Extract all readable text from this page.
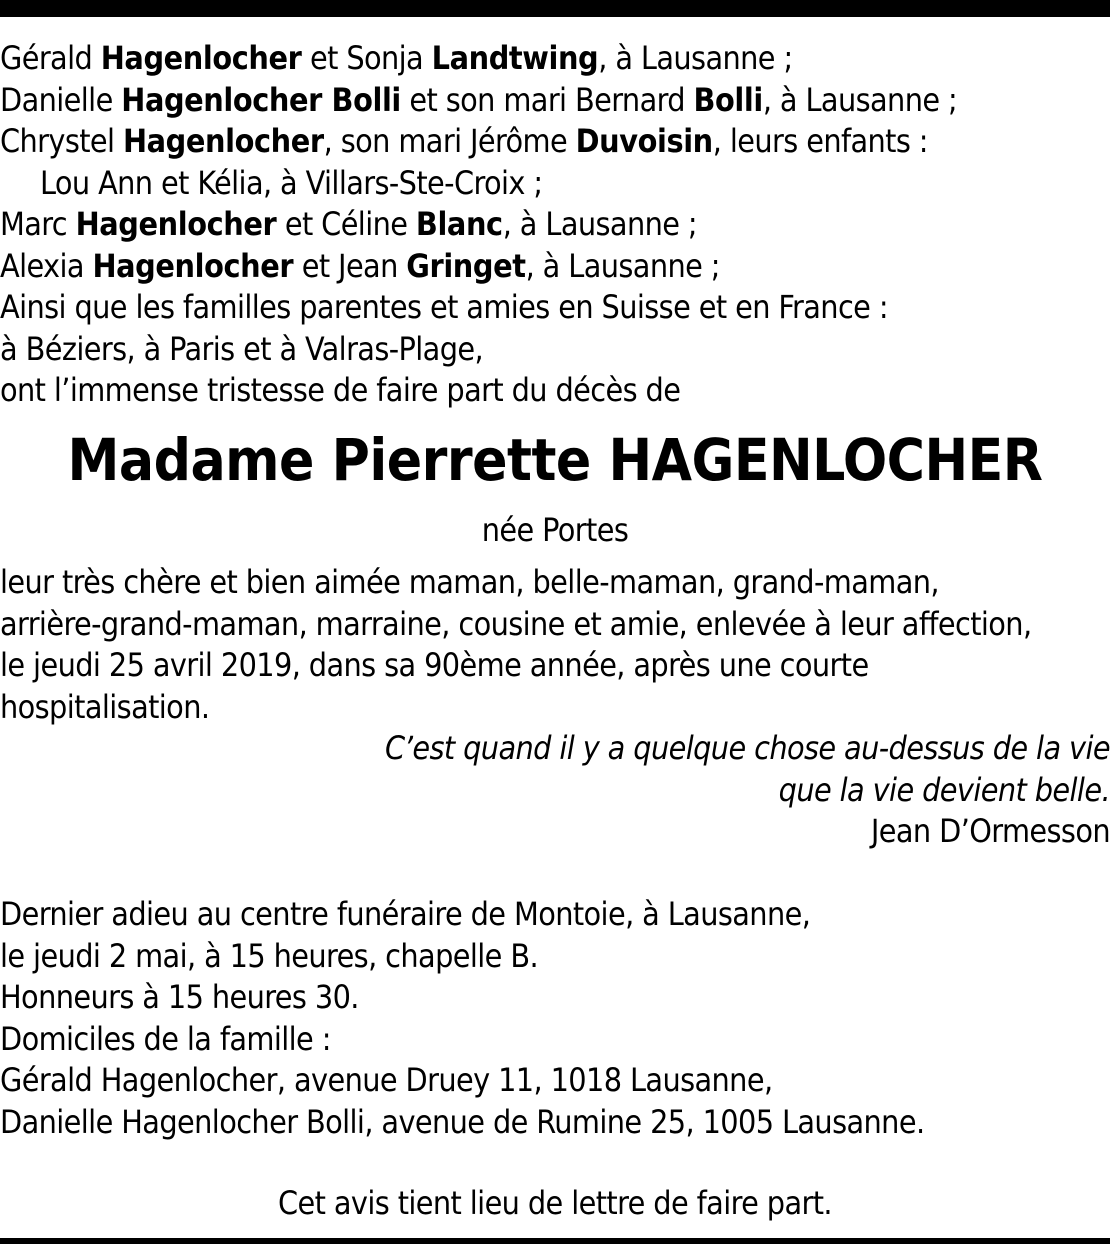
Gérald Hagenlocher et Sonja Landtwing, à Lausanne ;
Danielle Hagenlocher Bolli et son mari Bernard Bolli, à Lausanne ;
Chrystel Hagenlocher, son mari Jérôme Duvoisin, leurs enfants :
Lou Ann et Kélia, à Villars-Ste-Croix ;
Marc Hagenlocher et Céline Blanc, à Lausanne ;
Alexia Hagenlocher et Jean Gringet, à Lausanne ;
Ainsi que les familles parentes et amies en Suisse et en France :
à Béziers, à Paris et à Valras-Plage,
ont l’immense tristesse de faire part du décès de
Madame Pierrette HAGENLOCHER
née Portes
leur très chère et bien aimée maman, belle-maman, grand-maman,
arrière-grand-maman, marraine, cousine et amie, enlevée à leur affection,
le jeudi 25 avril 2019, dans sa 90ème année, après une courte
hospitalisation.
C’est quand il y a quelque chose au-dessus de la vie
que la vie devient belle.
Jean D’Ormesson
Dernier adieu au centre funéraire de Montoie, à Lausanne,
le jeudi 2 mai, à 15 heures, chapelle B.
Honneurs à 15 heures 30.
Domiciles de la famille :
Gérald Hagenlocher, avenue Druey 11, 1018 Lausanne,
Danielle Hagenlocher Bolli, avenue de Rumine 25, 1005 Lausanne.
Cet avis tient lieu de lettre de faire part.
